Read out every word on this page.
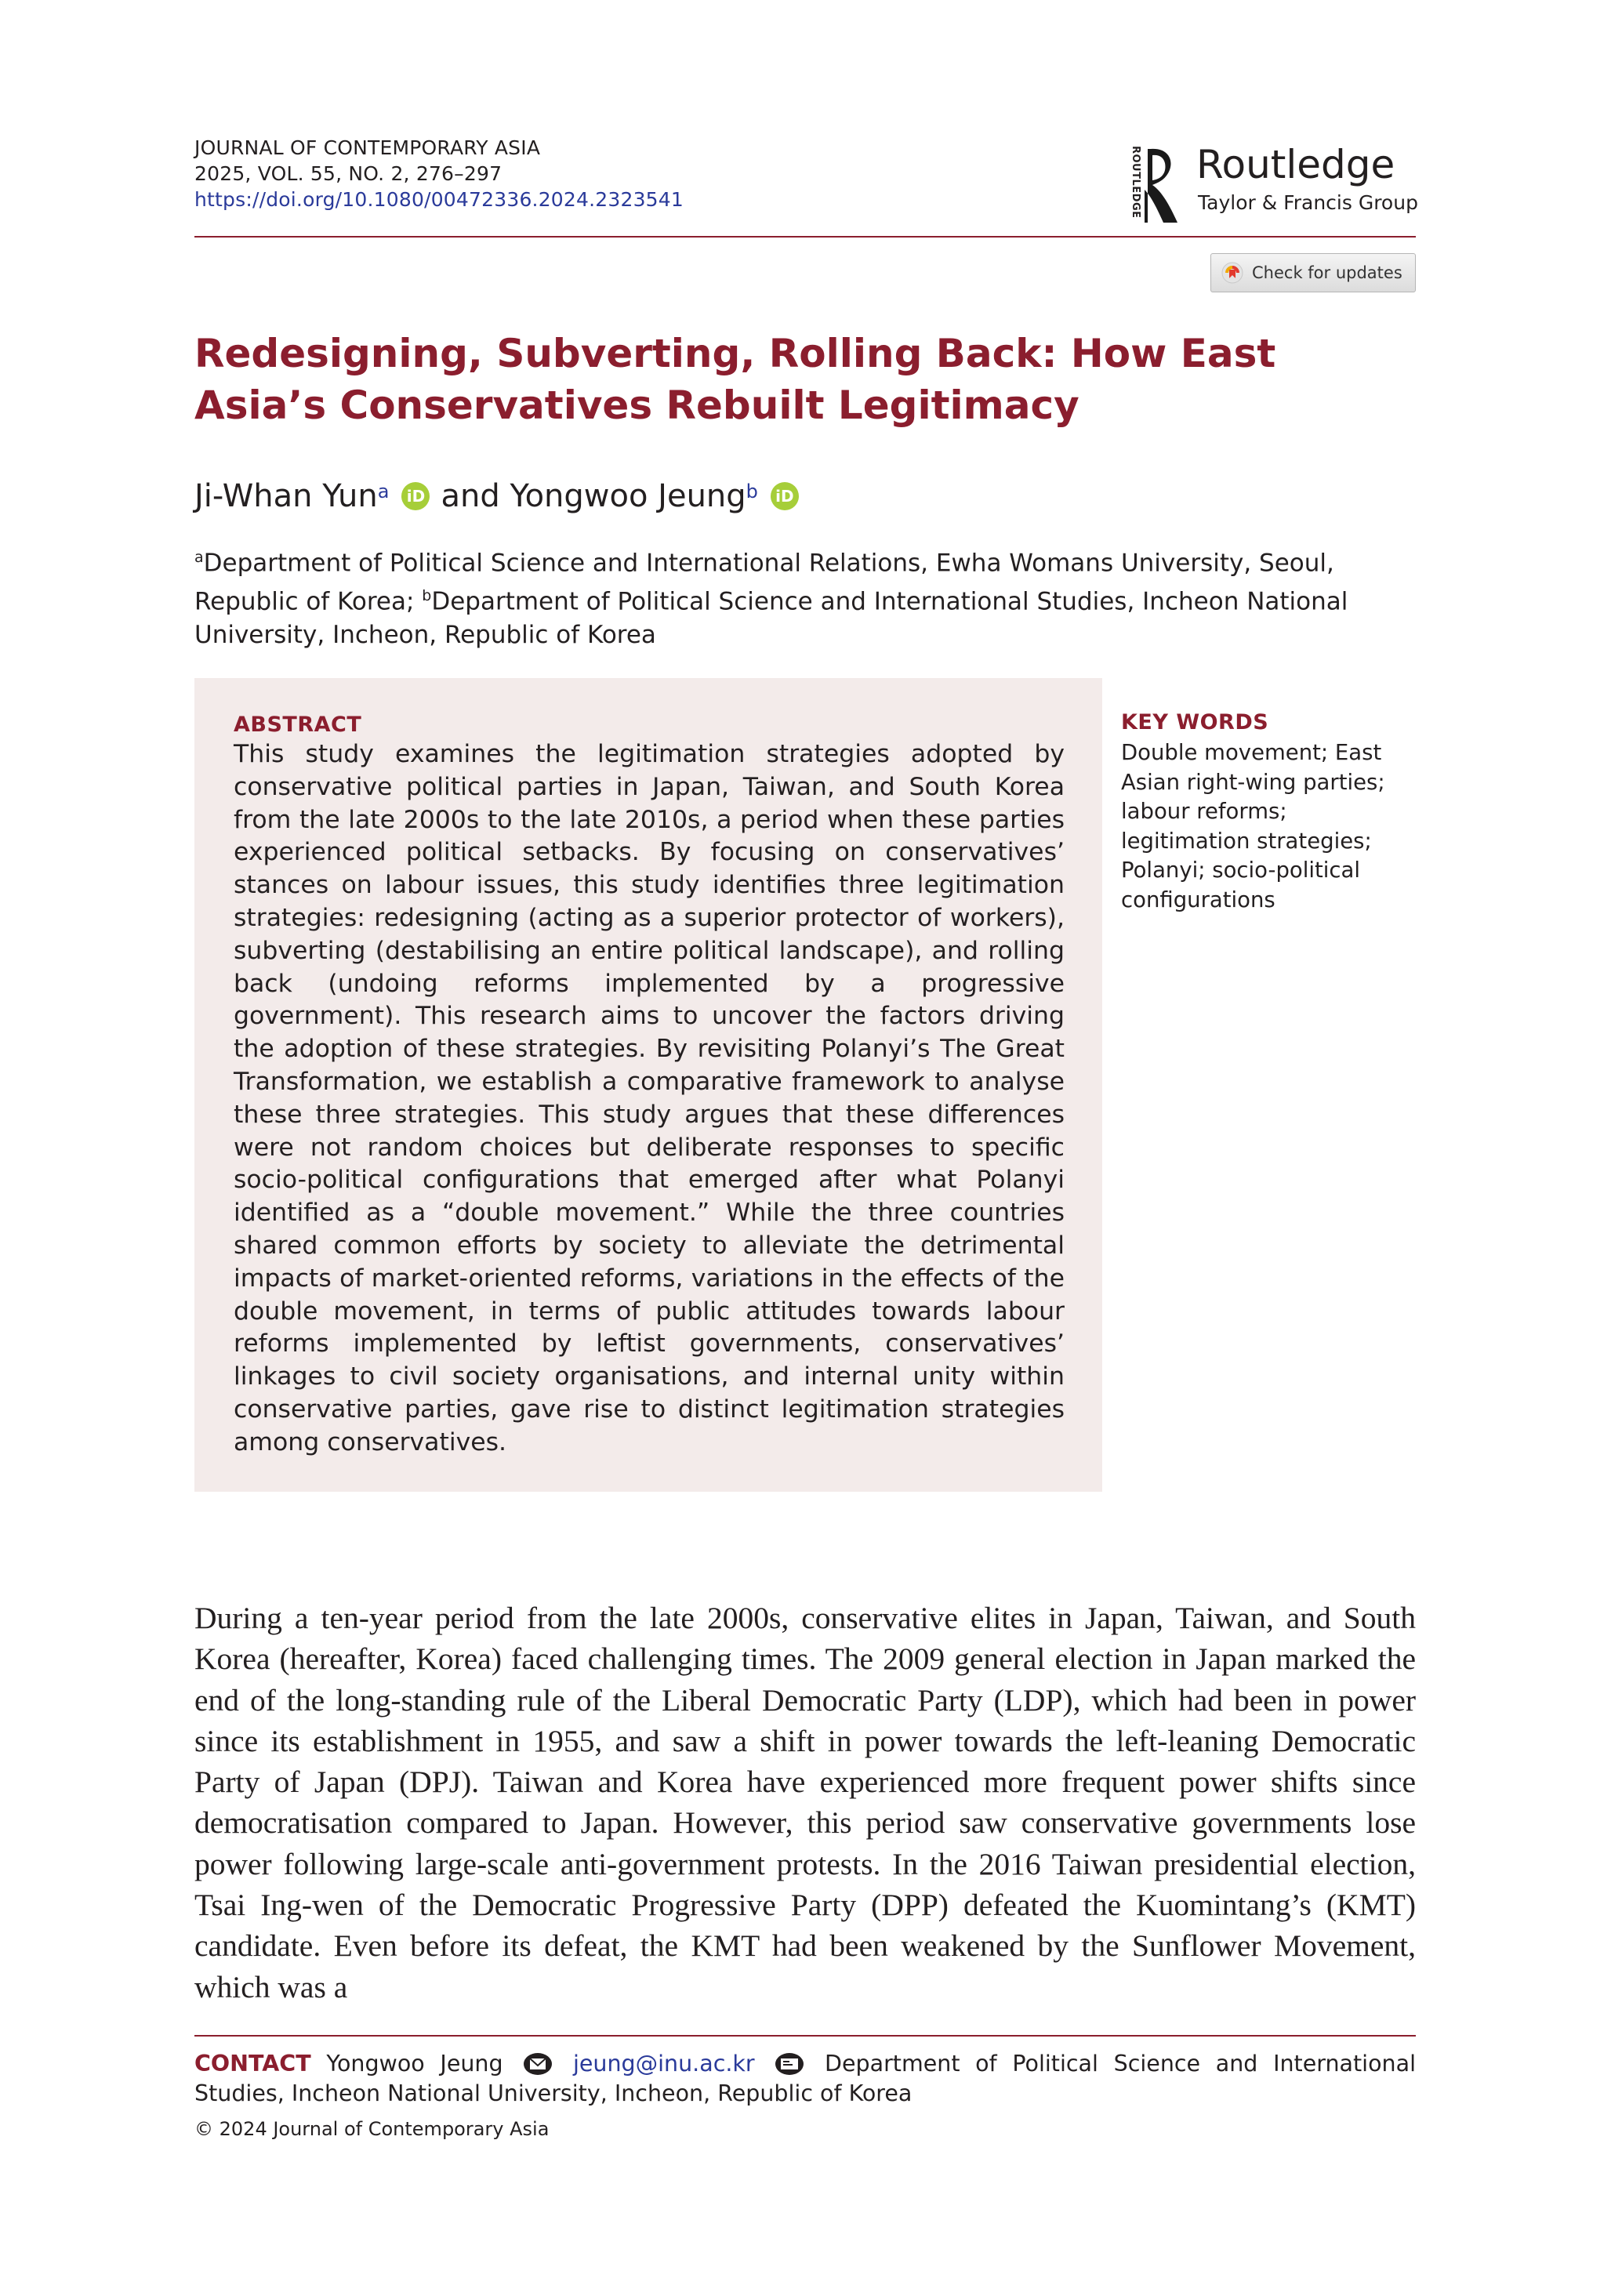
JOURNAL OF CONTEMPORARY ASIA
2025, VOL. 55, NO. 2, 276–297
https://doi.org/10.1080/00472336.2024.2323541	ROUTLEDGE Routledge
Taylor & Francis Group
Check for updates
Redesigning, Subverting, Rolling Back: How East Asia’s Conservatives Rebuilt Legitimacy
Ji-Whan Yun$^a$	iD and
Yongwoo Jeung$^b$	iD
$^a$Department of Political Science and International Relations, Ewha Womans University, Seoul, Republic of Korea; $^b$Department of Political Science and International Studies, Incheon National University, Incheon, Republic of Korea
ABSTRACT
This study examines the legitimation strategies adopted by conservative political parties in Japan, Taiwan, and South Korea from the late 2000s to the late 2010s, a period when these parties experienced political setbacks. By focusing on conservatives’ stances on labour issues, this study identifies three legitimation strategies: redesigning (acting as a superior protector of workers), subverting (destabilising an entire political landscape), and rolling back (undoing reforms implemented by a progressive government). This research aims to uncover the factors driving the adoption of these strategies. By revisiting Polanyi’s The Great Transformation, we establish a comparative framework to analyse these three strategies. This study argues that these differences were not random choices but deliberate responses to specific socio-political configurations that emerged after what Polanyi identified as a “double movement.” While the three countries shared common efforts by society to alleviate the detrimental impacts of market-oriented reforms, variations in the effects of the double movement, in terms of public attitudes towards labour reforms implemented by leftist governments, conservatives’ linkages to civil society organisations, and internal unity within conservative parties, gave rise to distinct legitimation strategies among conservatives.
KEY WORDS
Double movement; East Asian right-wing parties; labour reforms; legitimation strategies; Polanyi; socio-political configurations
During a ten-year period from the late 2000s, conservative elites in Japan, Taiwan, and South Korea (hereafter, Korea) faced challenging times. The 2009 general election in Japan marked the end of the long-standing rule of the Liberal Democratic Party (LDP), which had been in power since its establishment in 1955, and saw a shift in power towards the left-leaning Democratic Party of Japan (DPJ). Taiwan and Korea have experienced more frequent power shifts since democratisation compared to Japan. However, this period saw conservative governments lose power following large-scale anti-government protests. In the 2016 Taiwan presidential election, Tsai Ing-wen of the Democratic Progressive Party (DPP) defeated the Kuomintang’s (KMT) candidate. Even before its defeat, the KMT had been weakened by the Sunflower Movement, which was a
CONTACT Yongwoo Jeung	jeung@inu.ac.kr	Department of Political Science and International Studies, Incheon National University, Incheon, Republic of Korea
© 2024 Journal of Contemporary Asia
